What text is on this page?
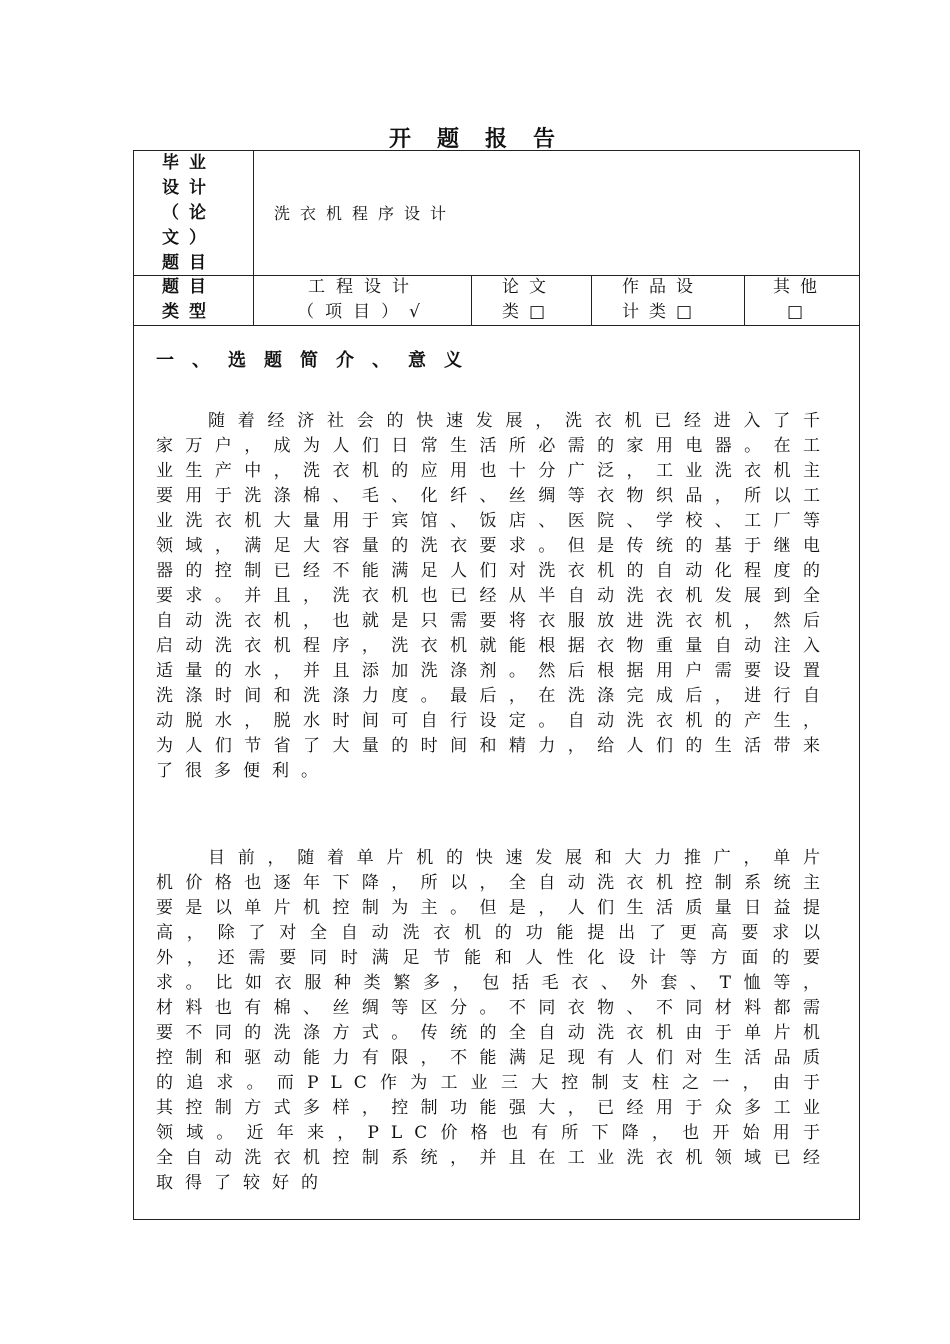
开题报告
毕业设计（论文）题目
洗衣机程序设计
题目类型
工程设计（项目）√
论文类□
作品设计类□
其他□
一、选题简介、意义

随着经济社会的快速发展，洗衣机已经进入了千家万户，成为人们日常生活所必需的家用电器。在工业生产中，洗衣机的应用也十分广泛，工业洗衣机主要用于洗涤棉、毛、化纤、丝绸等衣物织品，所以工业洗衣机大量用于宾馆、饭店、医院、学校、工厂等领域，满足大容量的洗衣要求。但是传统的基于继电器的控制已经不能满足人们对洗衣机的自动化程度的要求。并且，洗衣机也已经从半自动洗衣机发展到全自动洗衣机，也就是只需要将衣服放进洗衣机，然后启动洗衣机程序，洗衣机就能根据衣物重量自动注入适量的水，并且添加洗涤剂。然后根据用户需要设置洗涤时间和洗涤力度。最后，在洗涤完成后，进行自动脱水，脱水时间可自行设定。自动洗衣机的产生，为人们节省了大量的时间和精力，给人们的生活带来了很多便利。

目前，随着单片机的快速发展和大力推广，单片机价格也逐年下降，所以，全自动洗衣机控制系统主要是以单片机控制为主。但是，人们生活质量日益提高，除了对全自动洗衣机的功能提出了更高要求以外，还需要同时满足节能和人性化设计等方面的要求。比如衣服种类繁多，包括毛衣、外套、T恤等，材料也有棉、丝绸等区分。不同衣物、不同材料都需要不同的洗涤方式。传统的全自动洗衣机由于单片机控制和驱动能力有限，不能满足现有人们对生活品质的追求。而PLC作为工业三大控制支柱之一，由于其控制方式多样，控制功能强大，已经用于众多工业领域。近年来，PLC价格也有所下降，也开始用于全自动洗衣机控制系统，并且在工业洗衣机领域已经取得了较好的
